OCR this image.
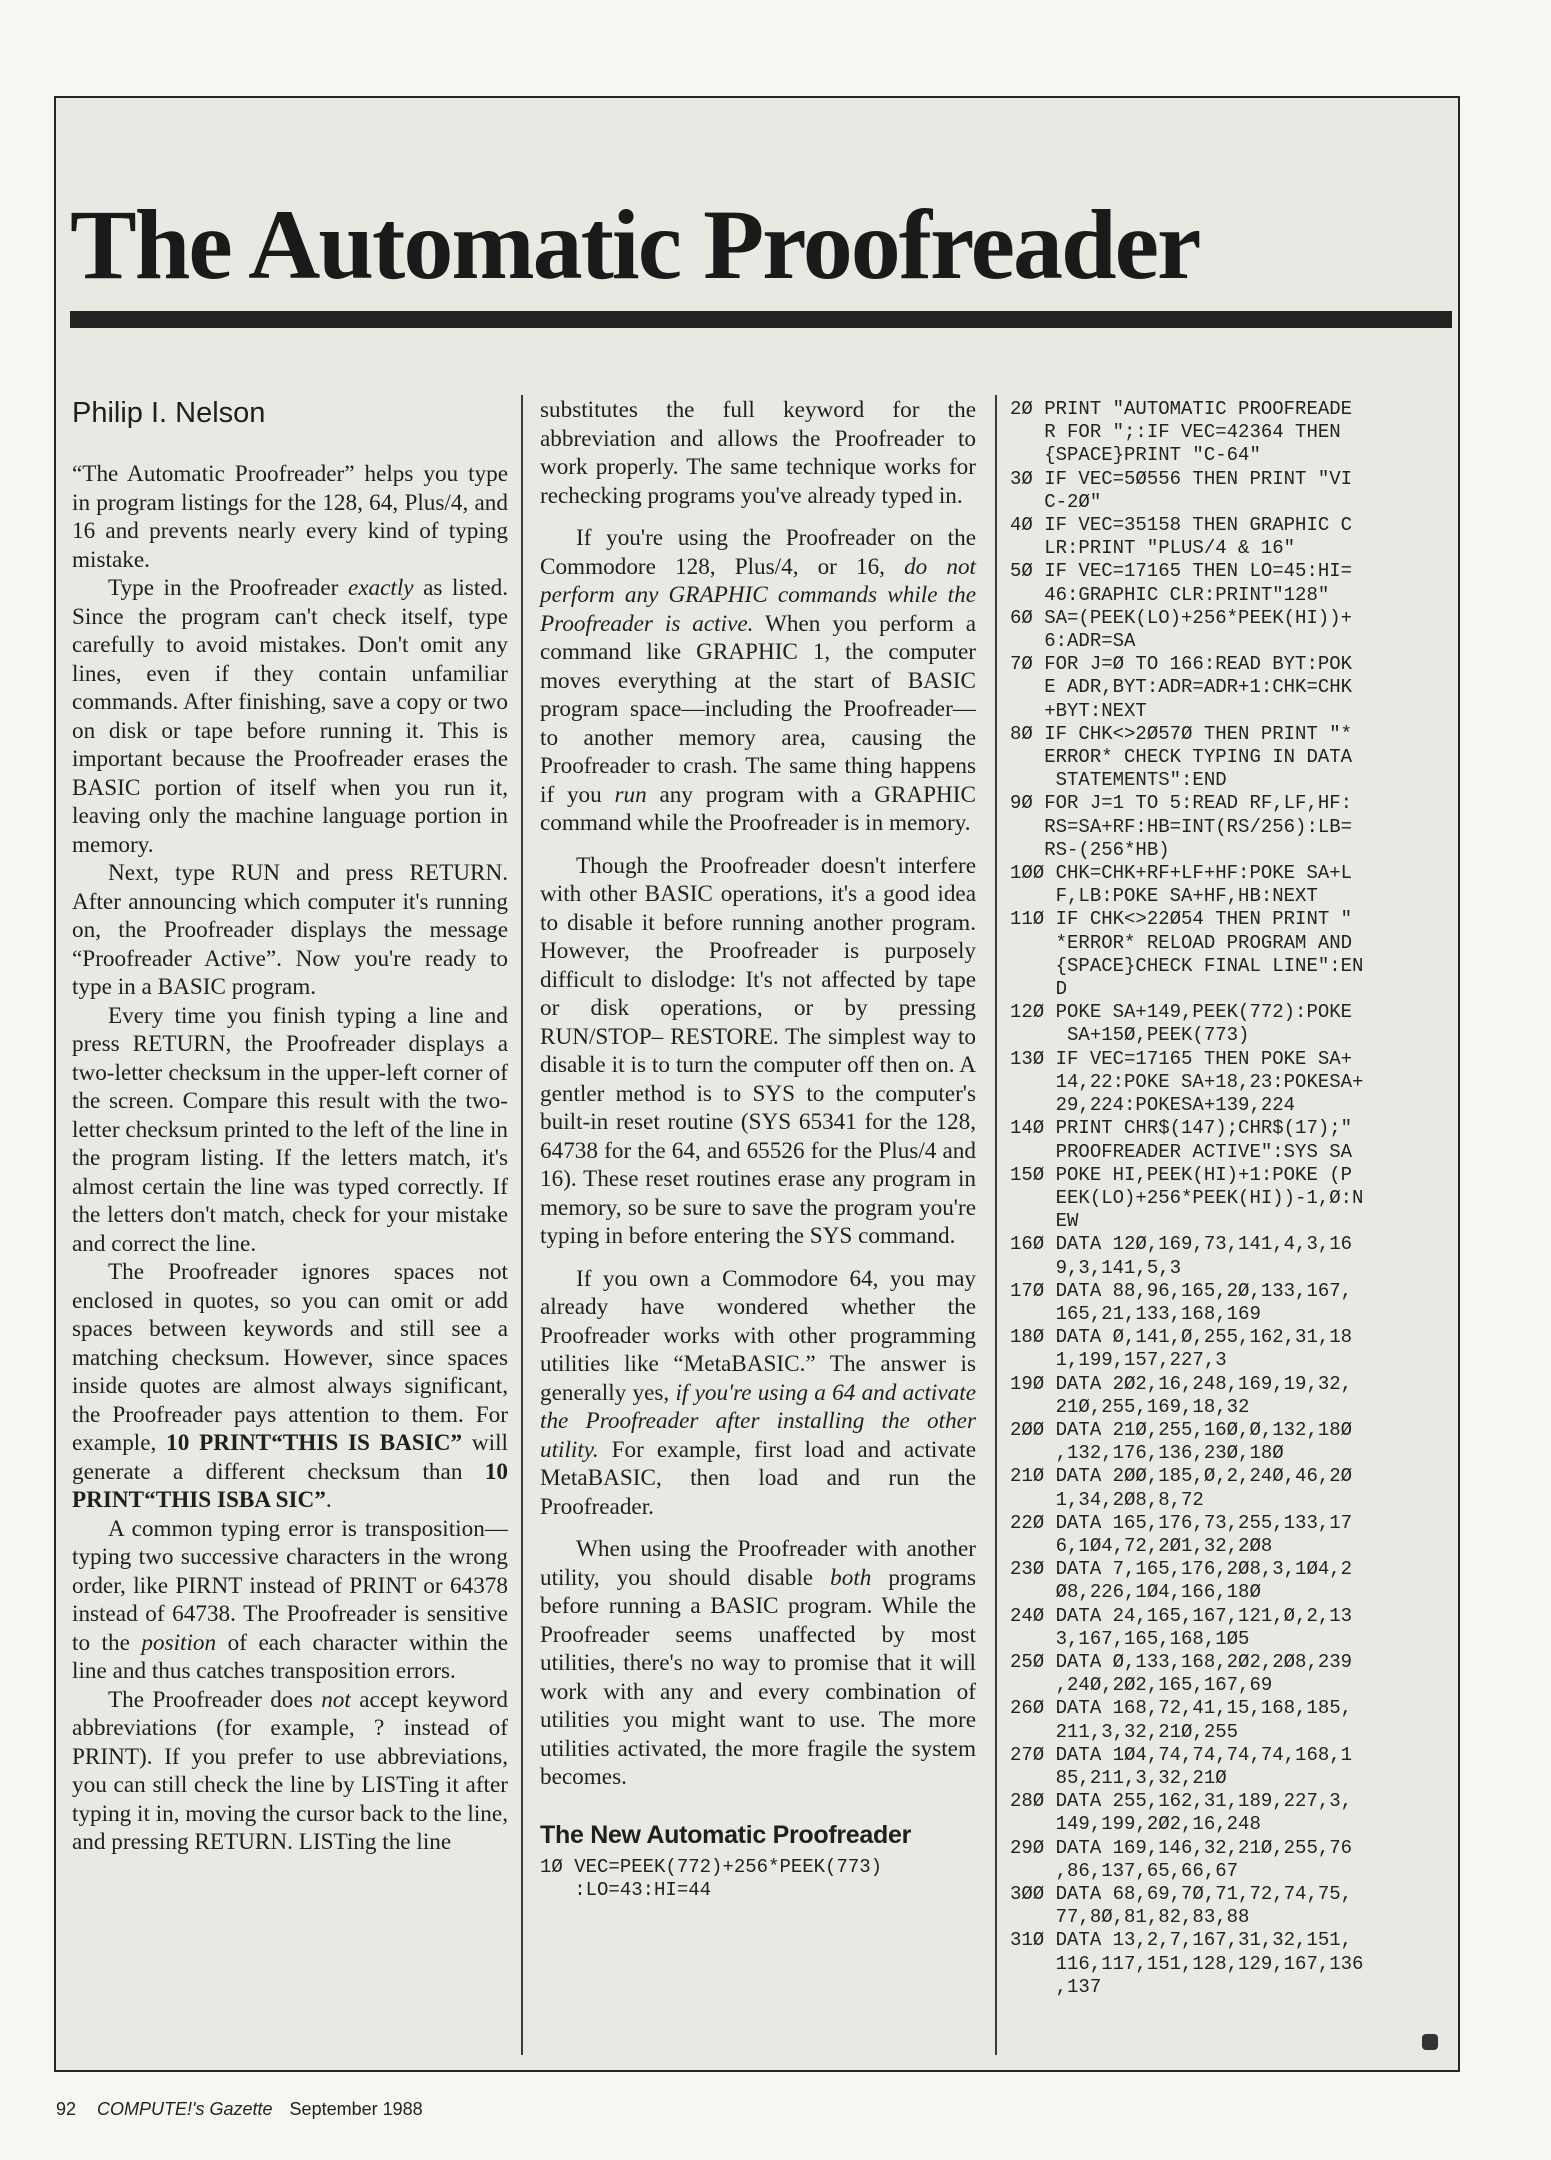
The Automatic Proofreader

Philip I. Nelson

“The Automatic Proofreader” helps you type in program listings for the 128, 64, Plus/4, and 16 and prevents nearly every kind of typing mistake.

Type in the Proofreader exactly as listed. Since the program can't check itself, type carefully to avoid mistakes. Don't omit any lines, even if they contain unfamiliar commands. After finishing, save a copy or two on disk or tape before running it. This is important because the Proofreader erases the BASIC portion of itself when you run it, leaving only the machine language portion in memory.

Next, type RUN and press RETURN. After announcing which computer it's running on, the Proofreader displays the message “Proofreader Active”. Now you're ready to type in a BASIC program.

Every time you finish typing a line and press RETURN, the Proofreader displays a two-letter checksum in the upper-left corner of the screen. Compare this result with the two-letter checksum printed to the left of the line in the program listing. If the letters match, it's almost certain the line was typed correctly. If the letters don't match, check for your mistake and correct the line.

The Proofreader ignores spaces not enclosed in quotes, so you can omit or add spaces between keywords and still see a matching checksum. However, since spaces inside quotes are almost always significant, the Proofreader pays attention to them. For example, 10 PRINT“THIS IS BASIC” will generate a different checksum than 10 PRINT“THIS ISBA SIC”.

A common typing error is transposition—typing two successive characters in the wrong order, like PIRNT instead of PRINT or 64378 instead of 64738. The Proofreader is sensitive to the position of each character within the line and thus catches transposition errors.

The Proofreader does not accept keyword abbreviations (for example, ? instead of PRINT). If you prefer to use abbreviations, you can still check the line by LISTing it after typing it in, moving the cursor back to the line, and pressing RETURN. LISTing the line

substitutes the full keyword for the abbreviation and allows the Proofreader to work properly. The same technique works for rechecking programs you've already typed in.

If you're using the Proofreader on the Commodore 128, Plus/4, or 16, do not perform any GRAPHIC commands while the Proofreader is active. When you perform a command like GRAPHIC 1, the computer moves everything at the start of BASIC program space—including the Proofreader—to another memory area, causing the Proofreader to crash. The same thing happens if you run any program with a GRAPHIC command while the Proofreader is in memory.

Though the Proofreader doesn't interfere with other BASIC operations, it's a good idea to disable it before running another program. However, the Proofreader is purposely difficult to dislodge: It's not affected by tape or disk operations, or by pressing RUN/STOP– RESTORE. The simplest way to disable it is to turn the computer off then on. A gentler method is to SYS to the computer's built-in reset routine (SYS 65341 for the 128, 64738 for the 64, and 65526 for the Plus/4 and 16). These reset routines erase any program in memory, so be sure to save the program you're typing in before entering the SYS command.

If you own a Commodore 64, you may already have wondered whether the Proofreader works with other programming utilities like “MetaBASIC.” The answer is generally yes, if you're using a 64 and activate the Proofreader after installing the other utility. For example, first load and activate MetaBASIC, then load and run the Proofreader.

When using the Proofreader with another utility, you should disable both programs before running a BASIC program. While the Proofreader seems unaffected by most utilities, there's no way to promise that it will work with any and every combination of utilities you might want to use. The more utilities activated, the more fragile the system becomes.

The New Automatic Proofreader
1Ø VEC=PEEK(772)+256*PEEK(773)
:LO=43:HI=44
2Ø PRINT "AUTOMATIC PROOFREADE
R FOR ";:IF VEC=42364 THEN
{SPACE}PRINT "C-64"
3Ø IF VEC=5Ø556 THEN PRINT "VI
C-2Ø"
4Ø IF VEC=35158 THEN GRAPHIC C
LR:PRINT "PLUS/4 & 16"
5Ø IF VEC=17165 THEN LO=45:HI=
46:GRAPHIC CLR:PRINT"128"
6Ø SA=(PEEK(LO)+256*PEEK(HI))+
6:ADR=SA
7Ø FOR J=Ø TO 166:READ BYT:POK
E ADR,BYT:ADR=ADR+1:CHK=CHK
+BYT:NEXT
8Ø IF CHK<>2Ø57Ø THEN PRINT "*
ERROR* CHECK TYPING IN DATA
STATEMENTS":END
9Ø FOR J=1 TO 5:READ RF,LF,HF:
RS=SA+RF:HB=INT(RS/256):LB=
RS-(256*HB)
1ØØ CHK=CHK+RF+LF+HF:POKE SA+L
F,LB:POKE SA+HF,HB:NEXT
11Ø IF CHK<>22Ø54 THEN PRINT "
*ERROR* RELOAD PROGRAM AND
{SPACE}CHECK FINAL LINE":EN
D
12Ø POKE SA+149,PEEK(772):POKE
SA+15Ø,PEEK(773)
13Ø IF VEC=17165 THEN POKE SA+
14,22:POKE SA+18,23:POKESA+
29,224:POKESA+139,224
14Ø PRINT CHR$(147);CHR$(17);"
PROOFREADER ACTIVE":SYS SA
15Ø POKE HI,PEEK(HI)+1:POKE (P
EEK(LO)+256*PEEK(HI))-1,Ø:N
EW
16Ø DATA 12Ø,169,73,141,4,3,16
9,3,141,5,3
17Ø DATA 88,96,165,2Ø,133,167,
165,21,133,168,169
18Ø DATA Ø,141,Ø,255,162,31,18
1,199,157,227,3
19Ø DATA 2Ø2,16,248,169,19,32,
21Ø,255,169,18,32
2ØØ DATA 21Ø,255,16Ø,Ø,132,18Ø
,132,176,136,23Ø,18Ø
21Ø DATA 2ØØ,185,Ø,2,24Ø,46,2Ø
1,34,2Ø8,8,72
22Ø DATA 165,176,73,255,133,17
6,1Ø4,72,2Ø1,32,2Ø8
23Ø DATA 7,165,176,2Ø8,3,1Ø4,2
Ø8,226,1Ø4,166,18Ø
24Ø DATA 24,165,167,121,Ø,2,13
3,167,165,168,1Ø5
25Ø DATA Ø,133,168,2Ø2,2Ø8,239
,24Ø,2Ø2,165,167,69
26Ø DATA 168,72,41,15,168,185,
211,3,32,21Ø,255
27Ø DATA 1Ø4,74,74,74,74,168,1
85,211,3,32,21Ø
28Ø DATA 255,162,31,189,227,3,
149,199,2Ø2,16,248
29Ø DATA 169,146,32,21Ø,255,76
,86,137,65,66,67
3ØØ DATA 68,69,7Ø,71,72,74,75,
77,8Ø,81,82,83,88
31Ø DATA 13,2,7,167,31,32,151,
116,117,151,128,129,167,136
,137
92 COMPUTE!'s Gazette September 1988
